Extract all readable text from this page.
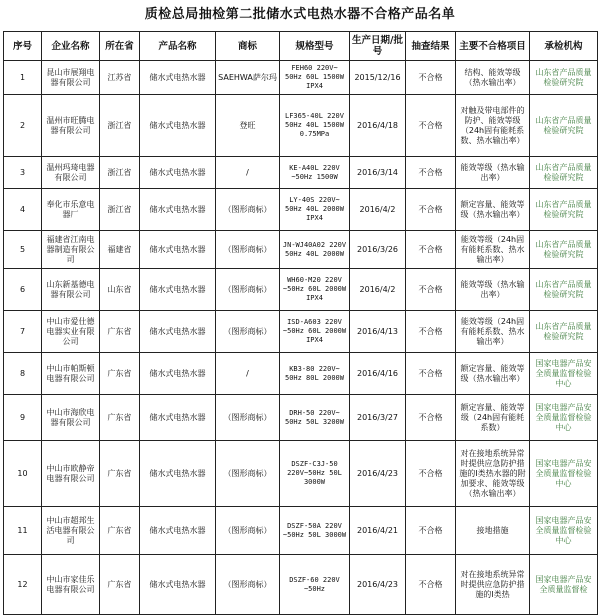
质检总局抽检第二批储水式电热水器不合格产品名单
序号	企业名称	所在省	产品名称	商标	规格型号	生产日期/批号	抽查结果	主要不合格项目	承检机构
1	昆山市展翔电器有限公司	江苏省	储水式电热水器	SAEHWA萨尔玛	FEH60 220V~ 50Hz 60L 1500W IPX4	2015/12/16	不合格	结构、能效等级（热水输出率）	山东省产品质量检验研究院
2	温州市旺腾电器有限公司	浙江省	储水式电热水器	登旺	LF365-40L 220V 50Hz 40L 1500W 0.75MPa	2016/4/18	不合格	对触及带电部件的防护、能效等级（24h固有能耗系数、热水输出率）	山东省产品质量检验研究院
3	温州玛琦电器有限公司	浙江省	储水式电热水器	/	KE-A40L 220V ~50Hz 1500W	2016/3/14	不合格	能效等级（热水输出率）	山东省产品质量检验研究院
4	奉化市乐意电器厂	浙江省	储水式电热水器	（图形商标）	LY-40S 220V~ 50Hz 40L 2000W IPX4	2016/4/2	不合格	额定容量、能效等级（热水输出率）	山东省产品质量检验研究院
5	福建省江南电器制造有限公司	福建省	储水式电热水器	（图形商标）	JN-WJ40A02 220V 50Hz 40L 2000W	2016/3/26	不合格	能效等级（24h固有能耗系数、热水输出率）	山东省产品质量检验研究院
6	山东新基德电器有限公司	山东省	储水式电热水器	（图形商标）	WH60-M20 220V ~50Hz 60L 2000W IPX4	2016/4/2	不合格	能效等级（热水输出率）	山东省产品质量检验研究院
7	中山市爱仕德电器实业有限公司	广东省	储水式电热水器	（图形商标）	ISD-A603 220V ~50Hz 60L 2000W IPX4	2016/4/13	不合格	能效等级（24h固有能耗系数、热水输出率）	山东省产品质量检验研究院
8	中山市帕斯顿电器有限公司	广东省	储水式电热水器	/	KB3-80 220V~ 50Hz 80L 2000W	2016/4/16	不合格	额定容量、能效等级（热水输出率）	国家电器产品安全质量监督检验中心
9	中山市海欣电器有限公司	广东省	储水式电热水器	（图形商标）	DRH-50 220V~ 50Hz 50L 3200W	2016/3/27	不合格	额定容量、能效等级（24h固有能耗系数）	国家电器产品安全质量监督检验中心
10	中山市欧静帝电器有限公司	广东省	储水式电热水器	（图形商标）	DSZF-C3J-50 220V~50Hz 50L 3000W	2016/4/23	不合格	对在接地系统异常时提供应急防护措施的Ⅰ类热水器的附加要求、能效等级（热水输出率）	国家电器产品安全质量监督检验中心
11	中山市超邦生活电器有限公司	广东省	储水式电热水器	（图形商标）	DSZF-50A 220V ~50Hz 50L 3000W	2016/4/21	不合格	接地措施	国家电器产品安全质量监督检验中心
12	中山市家佳乐电器有限公司	广东省	储水式电热水器	（图形商标）	DSZF-60 220V ~50Hz	2016/4/23	不合格	对在接地系统异常时提供应急防护措施的Ⅰ类热	国家电器产品安全质量监督检
